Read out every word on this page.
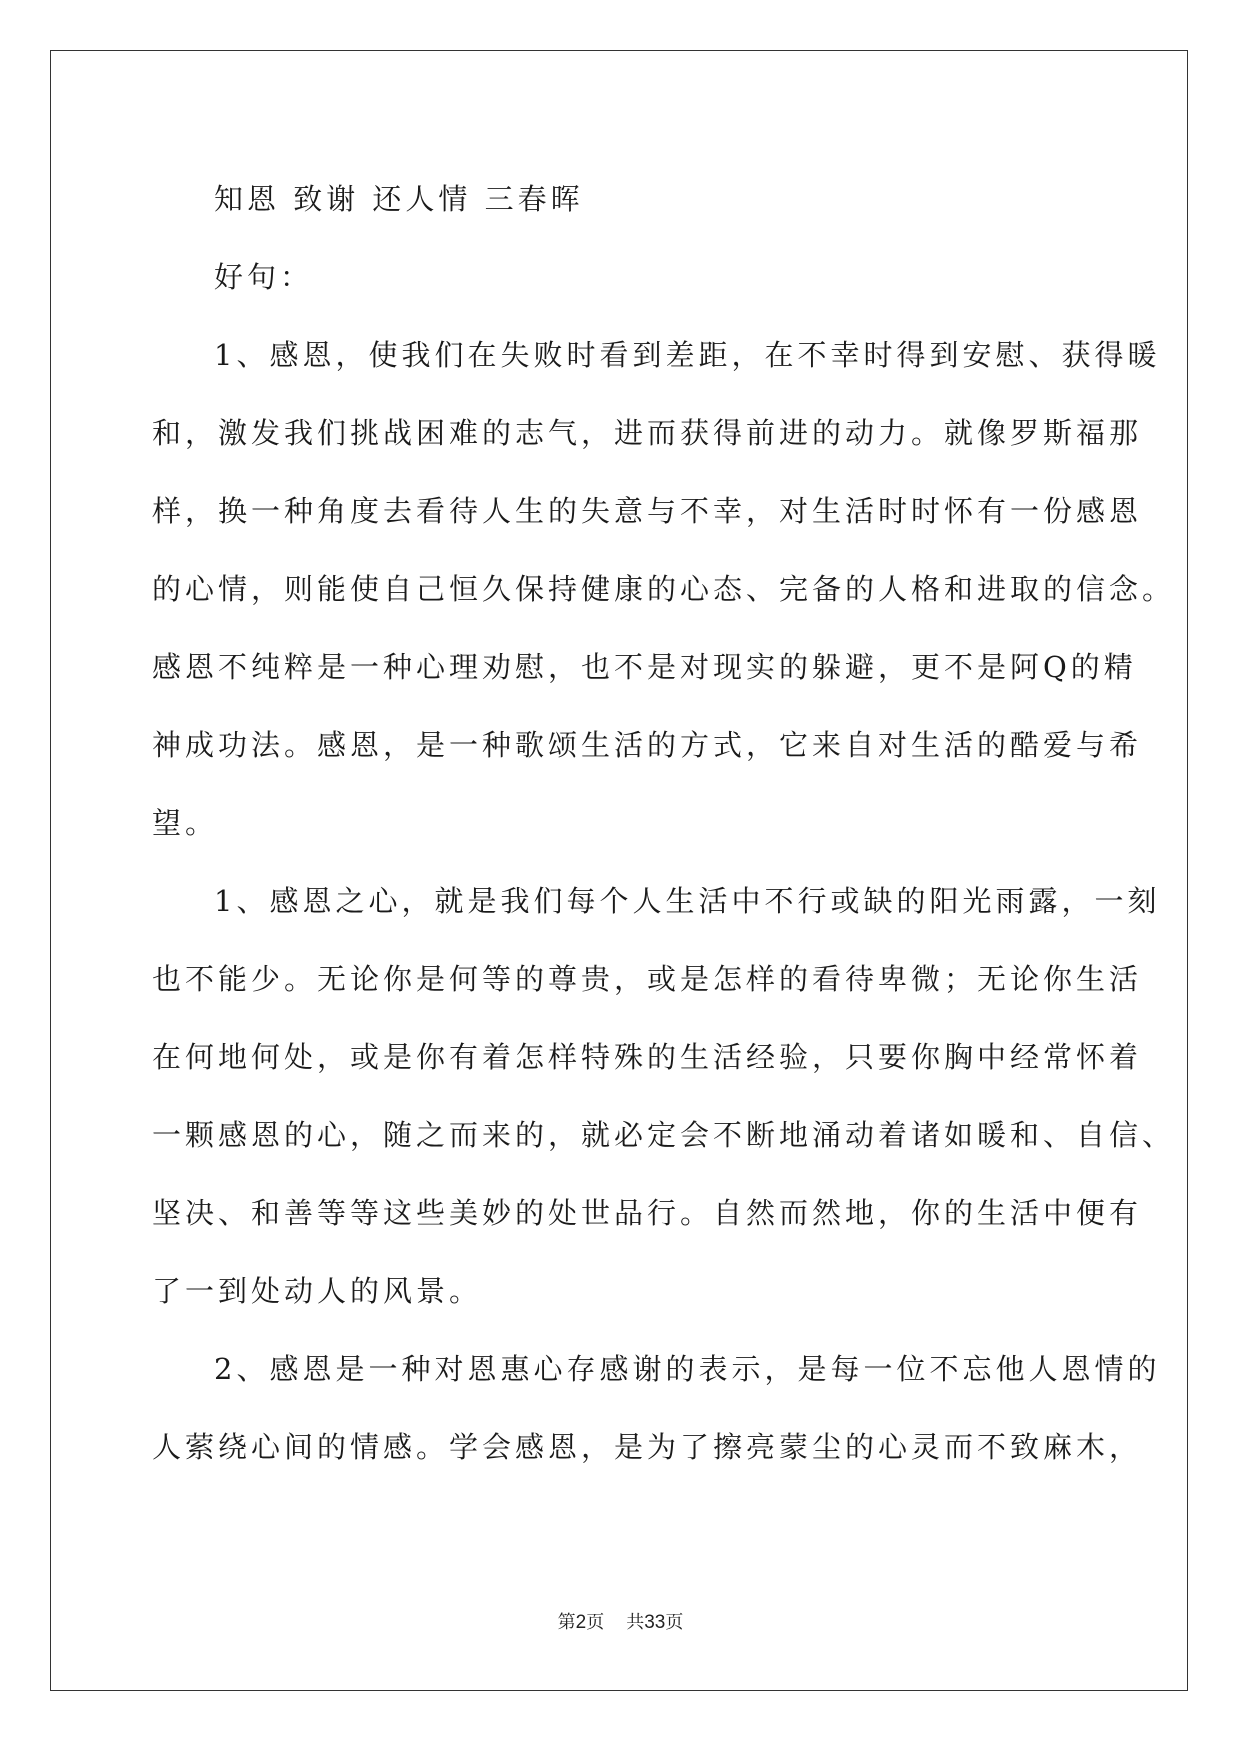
知恩 致谢 还人情 三春晖
好句：
1、感恩，使我们在失败时看到差距，在不幸时得到安慰、获得暖
和，激发我们挑战困难的志气，进而获得前进的动力。就像罗斯福那
样，换一种角度去看待人生的失意与不幸，对生活时时怀有一份感恩
的心情，则能使自己恒久保持健康的心态、完备的人格和进取的信念。
感恩不纯粹是一种心理劝慰，也不是对现实的躲避，更不是阿Q的精
神成功法。感恩，是一种歌颂生活的方式，它来自对生活的酷爱与希
望。
1、感恩之心，就是我们每个人生活中不行或缺的阳光雨露，一刻
也不能少。无论你是何等的尊贵，或是怎样的看待卑微；无论你生活
在何地何处，或是你有着怎样特殊的生活经验，只要你胸中经常怀着
一颗感恩的心，随之而来的，就必定会不断地涌动着诸如暖和、自信、
坚决、和善等等这些美妙的处世品行。自然而然地，你的生活中便有
了一到处动人的风景。
2、感恩是一种对恩惠心存感谢的表示，是每一位不忘他人恩情的
人萦绕心间的情感。学会感恩，是为了擦亮蒙尘的心灵而不致麻木，
第2页 共33页
